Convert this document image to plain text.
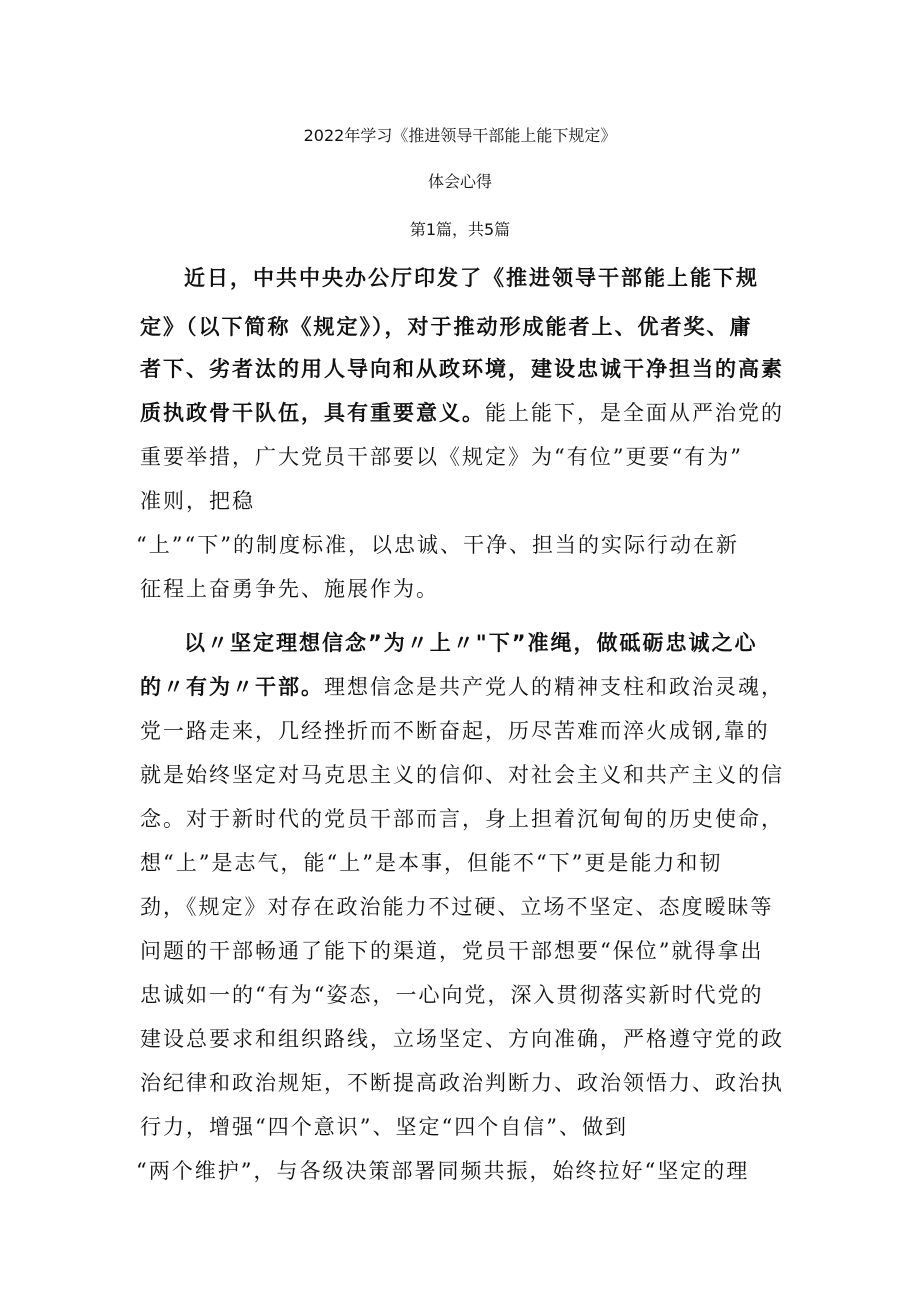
2022年学习《推进领导干部能上能下规定》
体会心得
第1篇，共5篇
近日，中共中央办公厅印发了《推进领导干部能上能下规
定》（以下简称《规定》），对于推动形成能者上、优者奖、庸
者下、劣者汰的用人导向和从政环境，建设忠诚干净担当的高素
质执政骨干队伍，具有重要意义。能上能下，是全面从严治党的
重要举措，广大党员干部要以《规定》为“有位”更要“有为”
准则，把稳
“上”“下”的制度标准，以忠诚、干净、担当的实际行动在新
征程上奋勇争先、施展作为。
以〃坚定理想信念”为〃上〃"下”准绳，做砥砺忠诚之心
的〃有为〃干部。理想信念是共产党人的精神支柱和政治灵魂，
党一路走来，几经挫折而不断奋起，历尽苦难而淬火成钢,靠的
就是始终坚定对马克思主义的信仰、对社会主义和共产主义的信
念。对于新时代的党员干部而言，身上担着沉甸甸的历史使命，
想“上”是志气，能“上”是本事，但能不“下”更是能力和韧
劲，《规定》对存在政治能力不过硬、立场不坚定、态度暧昧等
问题的干部畅通了能下的渠道，党员干部想要“保位”就得拿出
忠诚如一的“有为“姿态，一心向党，深入贯彻落实新时代党的
建设总要求和组织路线，立场坚定、方向准确，严格遵守党的政
治纪律和政治规矩，不断提高政治判断力、政治领悟力、政治执
行力，增强“四个意识”、坚定“四个自信”、做到
“两个维护”，与各级决策部署同频共振，始终拉好“坚定的理
